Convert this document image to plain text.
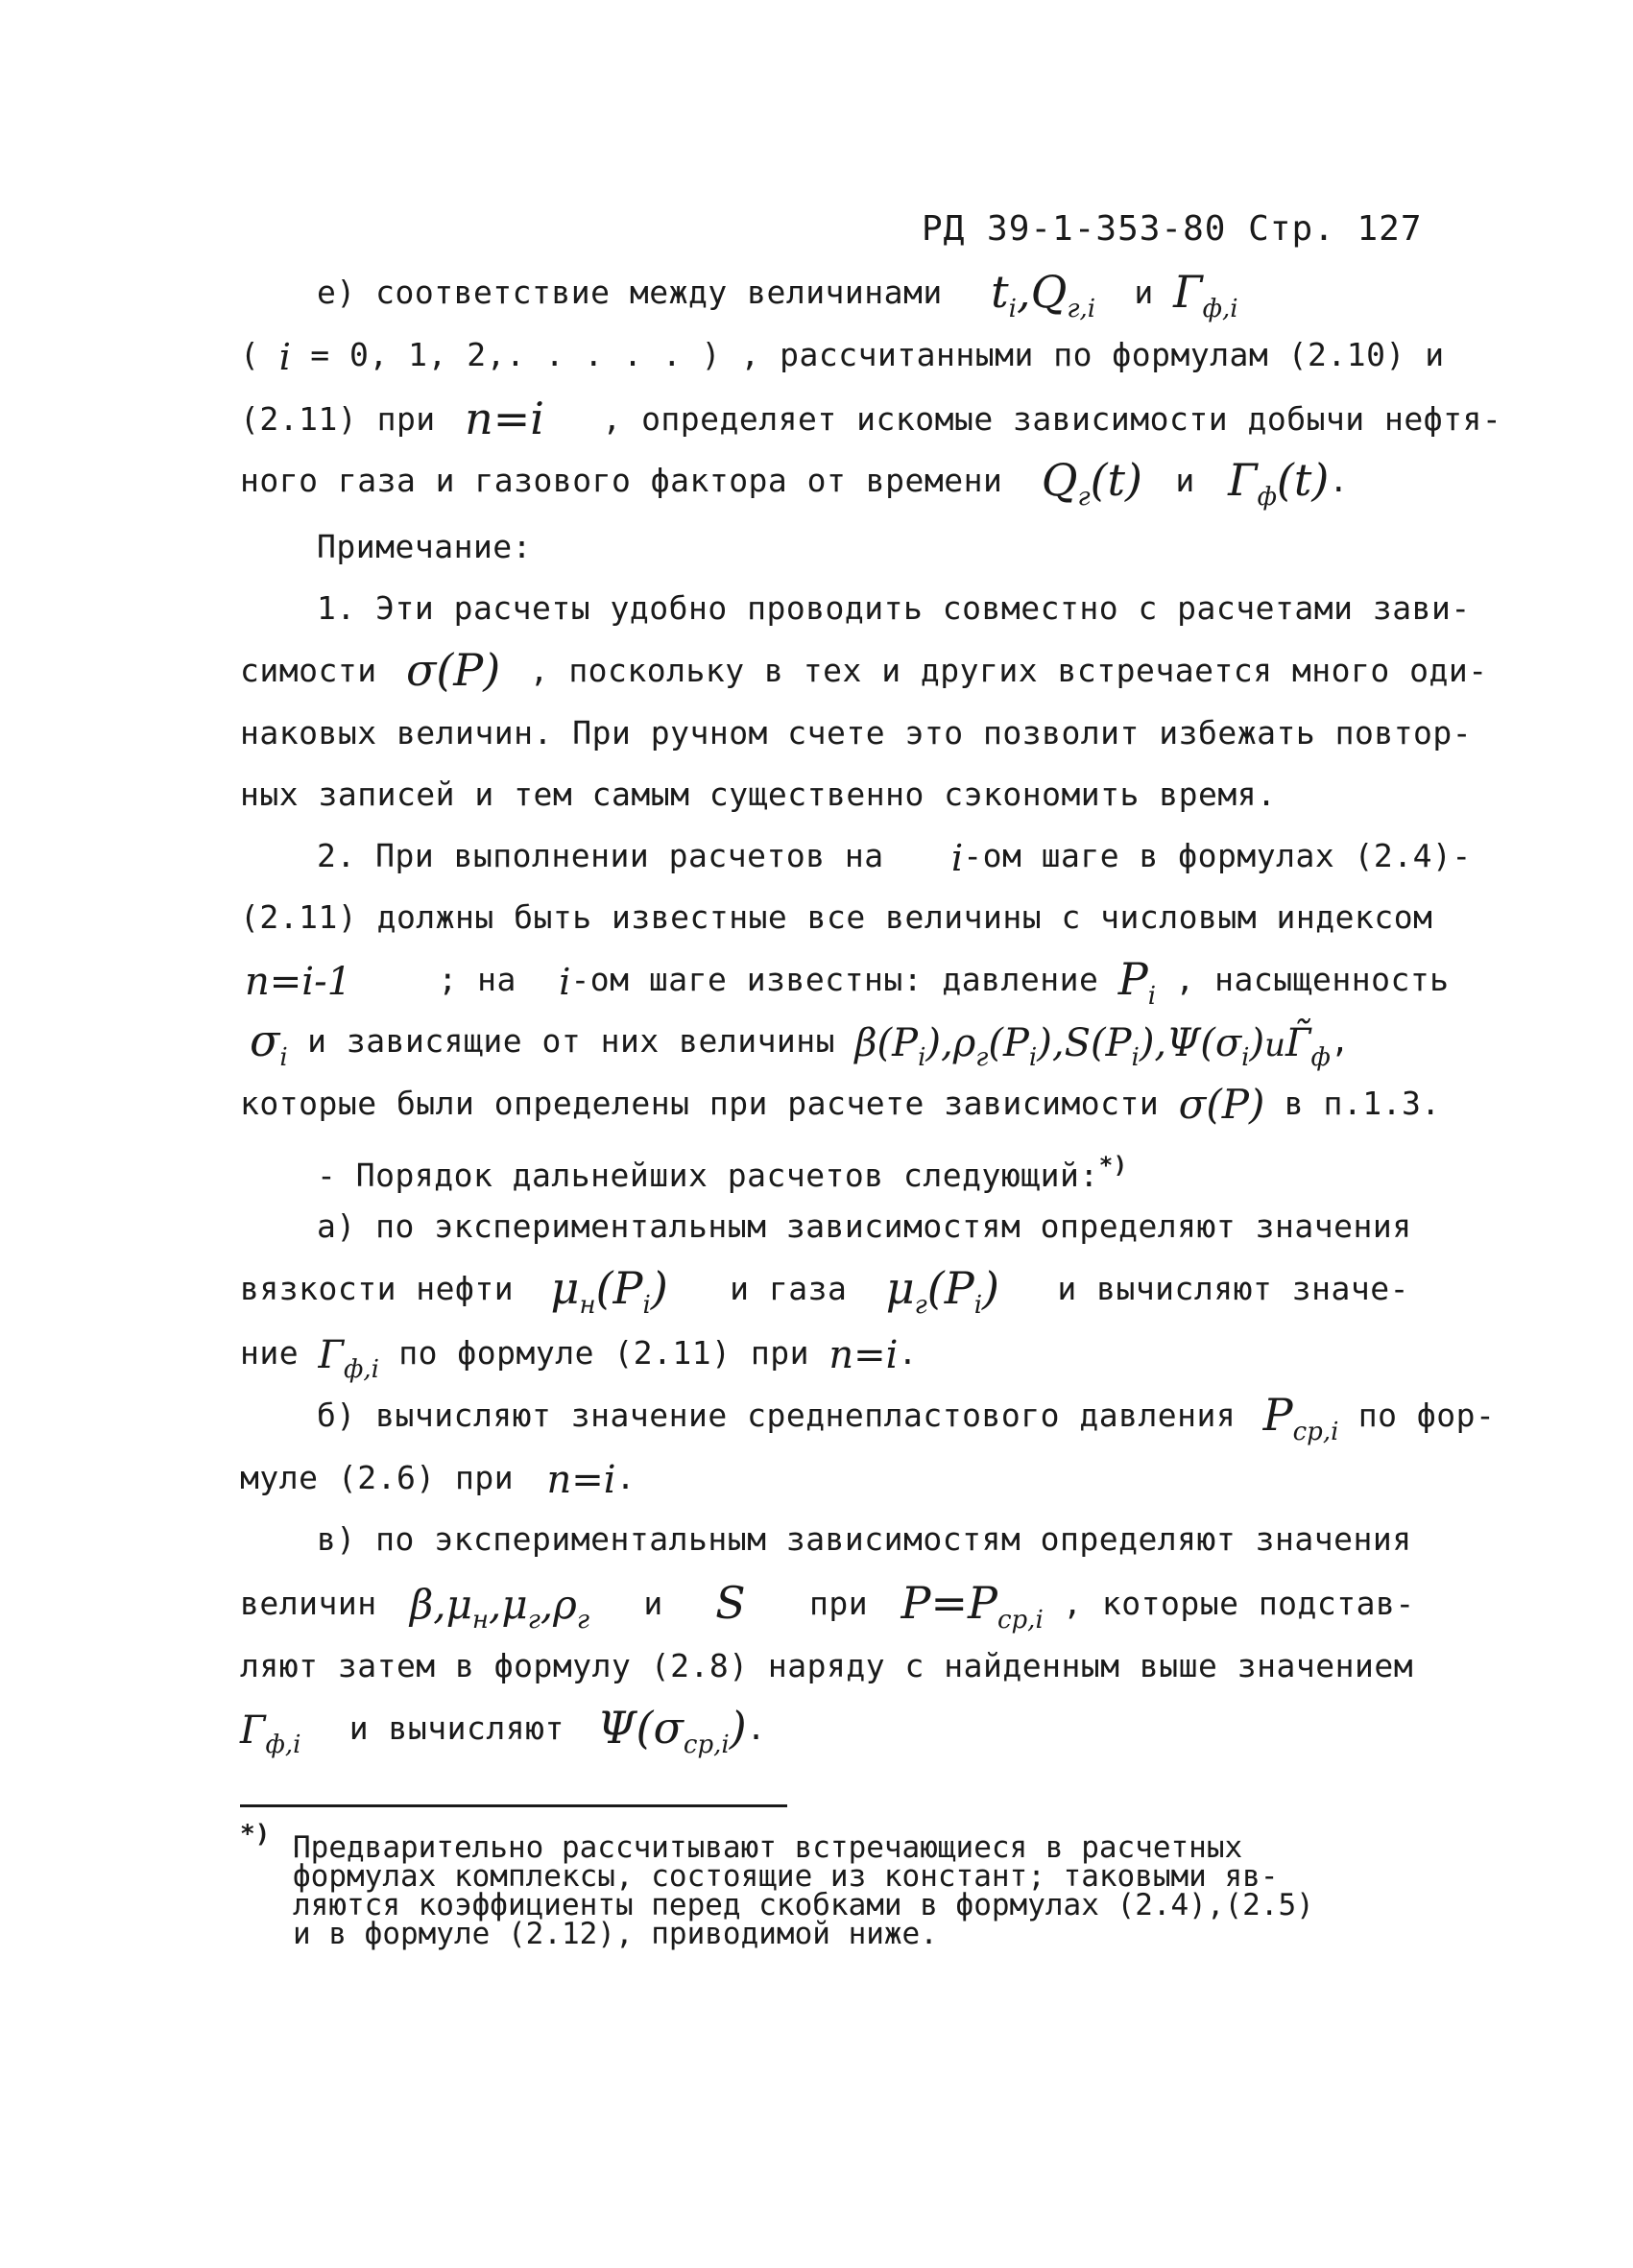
РД 39-1-353-80 Стр. 127
е) соответствие между величинами $t_i,Q_{г,i}$ и $Г_{ф,i}$
( i = 0, 1, 2,. . . . . ) , рассчитанными по формулам (2.10) и
(2.11) при n=i , определяет искомые зависимости добычи нефтя-
ного газа и газового фактора от времени $Q_г(t)$ и $Г_ф(t)$.
Примечание:
1. Эти расчеты удобно проводить совместно с расчетами зави-
симости σ(P) , поскольку в тех и других встречается много оди-
наковых величин. При ручном счете это позволит избежать повтор-
ных записей и тем самым существенно сэкономить время.
2. При выполнении расчетов на i-ом шаге в формулах (2.4)-
(2.11) должны быть известные все величины с числовым индексом
n=i-1	; на i-ом шаге известны: давление $P_i$ , насыщенность
$\sigma_i$ и зависящие от них величины $\beta(P_i),\rho_г(P_i),S(P_i),\Psi(\sigma_i)иГ̃_ф$,
которые были определены при расчете зависимости σ(P) в п.1.3.
- Порядок дальнейших расчетов следующий:*)
а) по экспериментальным зависимостям определяют значения
вязкости нефти $\mu_н(P_i)$ и газа $\mu_г(P_i)$ и вычисляют значе-
ние $Г_{ф,i}$ по формуле (2.11) при n=i.
б) вычисляют значение среднепластового давления $P_{ср,i}$ по фор-
муле (2.6) при n=i.
в) по экспериментальным зависимостям определяют значения
величин $\beta,\mu_н,\mu_г,\rho_г$ и S при $P=P_{ср,i}$ , которые подстав-
ляют затем в формулу (2.8) наряду с найденным выше значением
$Г_{ф,i}$ и вычисляют $\Psi(\sigma_{ср,i})$.
*) Предварительно рассчитывают встречающиеся в расчетных
формулах комплексы, состоящие из констант; таковыми яв-
ляются коэффициенты перед скобками в формулах (2.4),(2.5)
и в формуле (2.12), приводимой ниже.
